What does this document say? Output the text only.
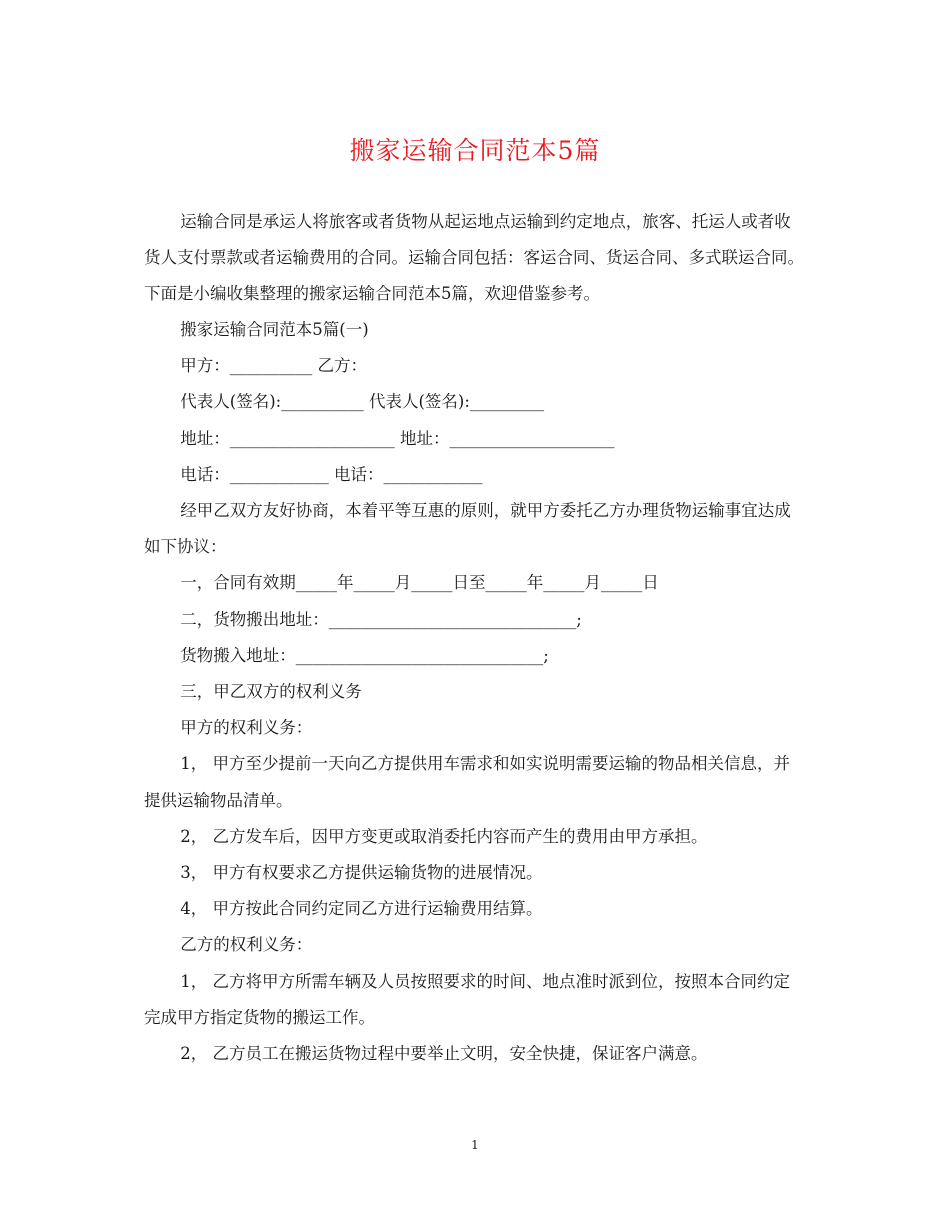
搬家运输合同范本5篇

运输合同是承运人将旅客或者货物从起运地点运输到约定地点，旅客、托运人或者收货人支付票款或者运输费用的合同。运输合同包括：客运合同、货运合同、多式联运合同。下面是小编收集整理的搬家运输合同范本5篇，欢迎借鉴参考。

搬家运输合同范本5篇(一)

甲方：__________ 乙方：

代表人(签名):__________ 代表人(签名):_________

地址：____________________ 地址：____________________

电话：____________ 电话：____________

经甲乙双方友好协商，本着平等互惠的原则，就甲方委托乙方办理货物运输事宜达成如下协议：

一，合同有效期_____年_____月_____日至_____年_____月_____日

二，货物搬出地址：______________________________;

货物搬入地址：______________________________;

三，甲乙双方的权利义务

甲方的权利义务：

1， 甲方至少提前一天向乙方提供用车需求和如实说明需要运输的物品相关信息，并提供运输物品清单。

2， 乙方发车后，因甲方变更或取消委托内容而产生的费用由甲方承担。

3， 甲方有权要求乙方提供运输货物的进展情况。

4， 甲方按此合同约定同乙方进行运输费用结算。

乙方的权利义务：

1， 乙方将甲方所需车辆及人员按照要求的时间、地点准时派到位，按照本合同约定完成甲方指定货物的搬运工作。

2， 乙方员工在搬运货物过程中要举止文明，安全快捷，保证客户满意。

1
